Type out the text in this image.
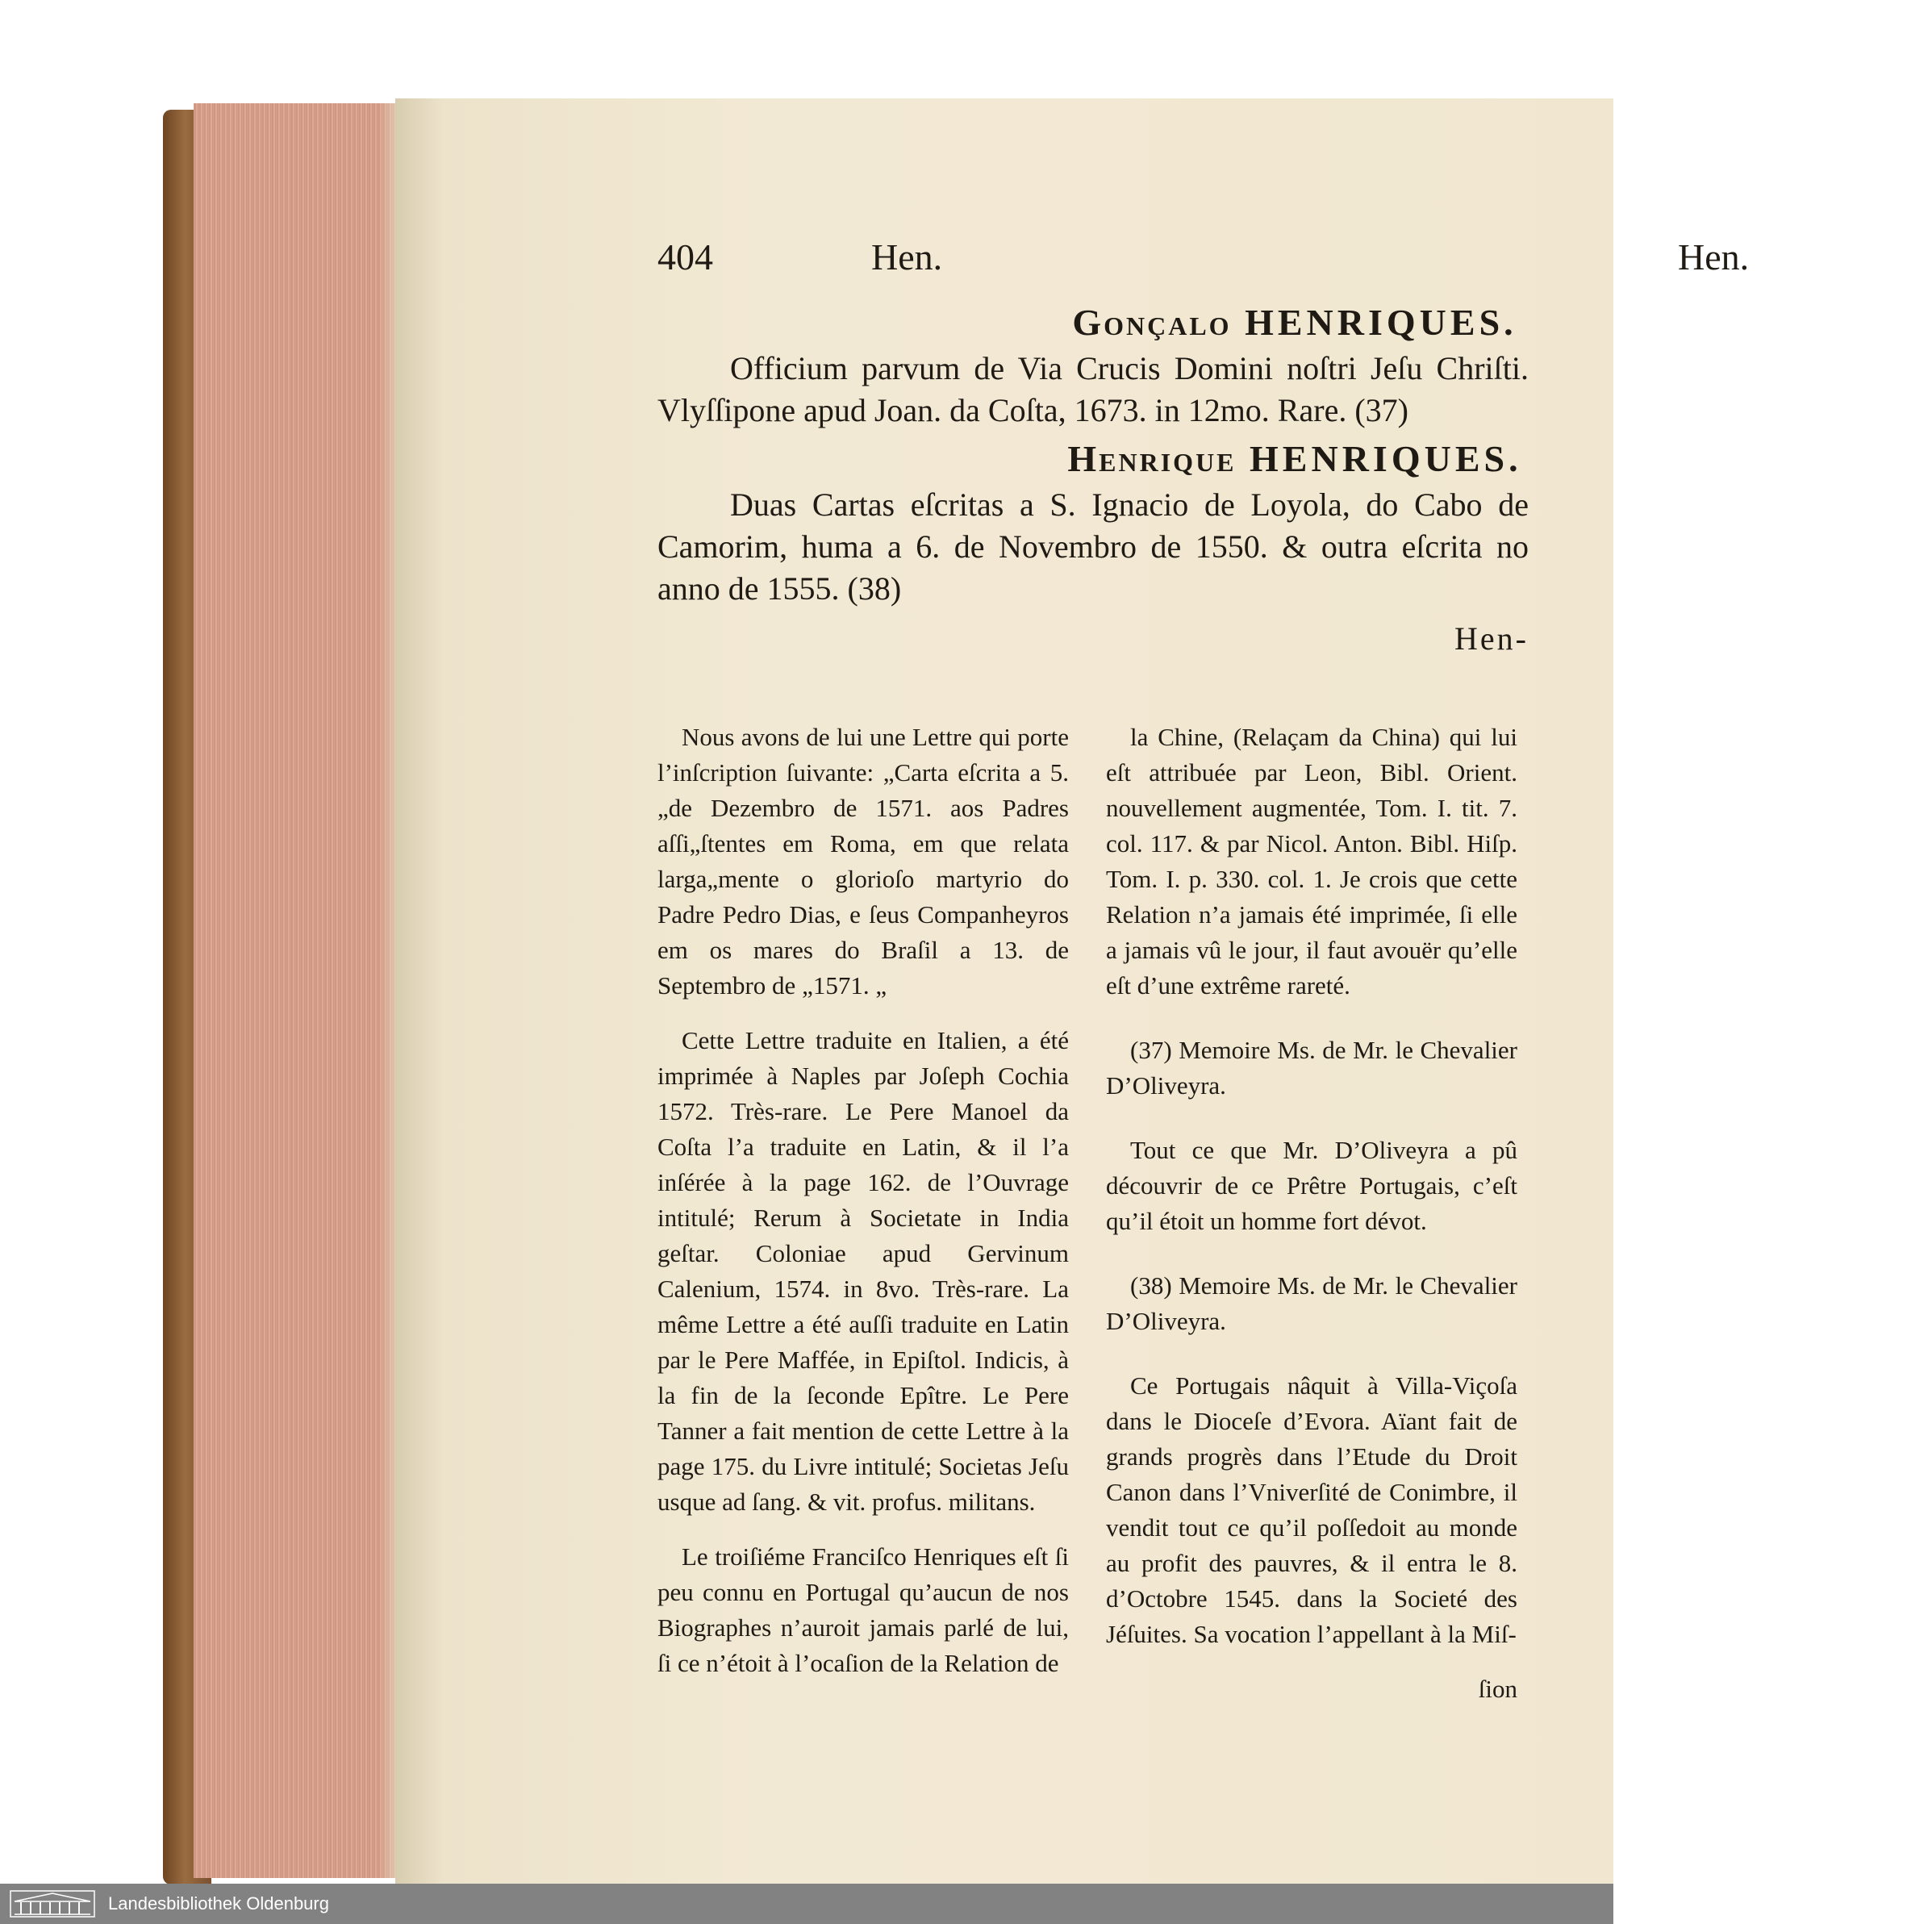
404	Hen.	Hen.
Gonçalo HENRIQUES.

Officium parvum de Via Crucis Domini noſtri Jeſu Chriſti. Vlyſſipone apud Joan. da Coſta, 1673. in 12mo. Rare. (37)

Henrique HENRIQUES.

Duas Cartas eſcritas a S. Ignacio de Loyola, do Cabo de Camorim, huma a 6. de Novembro de 1550. & outra eſcrita no anno de 1555. (38)

Hen-

Nous avons de lui une Lettre qui porte l’inſcription ſuivante: „Carta eſcrita a 5. „de Dezembro de 1571. aos Padres aſſi„ſtentes em Roma, em que relata larga„mente o glorioſo martyrio do Padre Pedro Dias, e ſeus Companheyros em os mares do Braſil a 13. de Septembro de „1571. „

Cette Lettre traduite en Italien, a été imprimée à Naples par Joſeph Cochia 1572. Très-rare. Le Pere Manoel da Coſta l’a traduite en Latin, & il l’a inſérée à la page 162. de l’Ouvrage intitulé; Rerum à Societate in India geſtar. Coloniae apud Gervinum Calenium, 1574. in 8vo. Très-rare. La même Lettre a été auſſi traduite en Latin par le Pere Maffée, in Epiſtol. Indicis, à la fin de la ſeconde Epître. Le Pere Tanner a fait mention de cette Lettre à la page 175. du Livre intitulé; Societas Jeſu usque ad ſang. & vit. profus. militans.

Le troiſiéme Franciſco Henriques eſt ſi peu connu en Portugal qu’aucun de nos Biographes n’auroit jamais parlé de lui, ſi ce n’étoit à l’ocaſion de la Relation de

la Chine, (Relaçam da China) qui lui eſt attribuée par Leon, Bibl. Orient. nouvellement augmentée, Tom. I. tit. 7. col. 117. & par Nicol. Anton. Bibl. Hiſp. Tom. I. p. 330. col. 1. Je crois que cette Relation n’a jamais été imprimée, ſi elle a jamais vû le jour, il faut avouër qu’elle eſt d’une extrême rareté.

(37) Memoire Ms. de Mr. le Chevalier D’Oliveyra.

Tout ce que Mr. D’Oliveyra a pû découvrir de ce Prêtre Portugais, c’eſt qu’il étoit un homme fort dévot.

(38) Memoire Ms. de Mr. le Chevalier D’Oliveyra.

Ce Portugais nâquit à Villa-Viçoſa dans le Dioceſe d’Evora. Aïant fait de grands progrès dans l’Etude du Droit Canon dans l’Vniverſité de Conimbre, il vendit tout ce qu’il poſſedoit au monde au profit des pauvres, & il entra le 8. d’Octobre 1545. dans la Societé des Jéſuites. Sa vocation l’appellant à la Miſ-

ſion

Landesbibliothek Oldenburg
